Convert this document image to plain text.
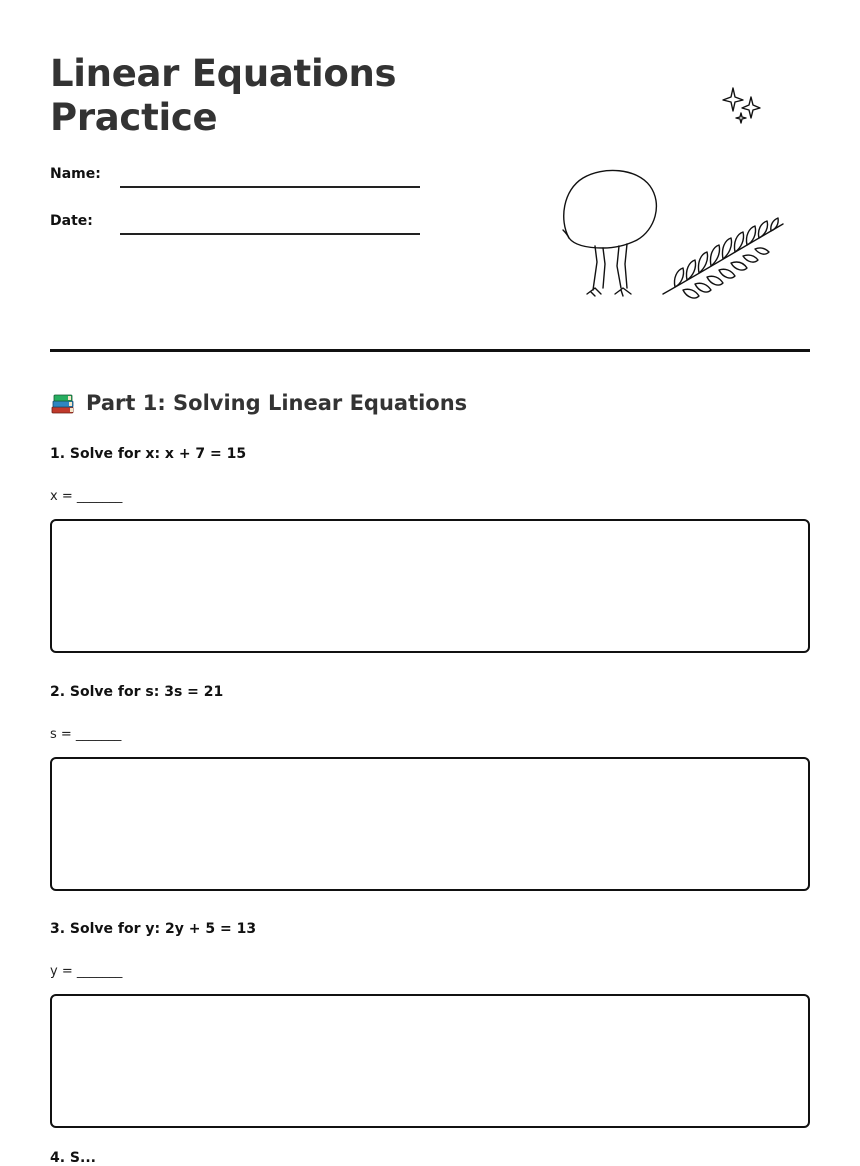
Linear Equations
Practice
Name:
Date:
Part 1: Solving Linear Equations
1. Solve for x: x + 7 = 15
x = _______
2. Solve for s: 3s = 21
s = _______
3. Solve for y: 2y + 5 = 13
y = _______
4. S...
